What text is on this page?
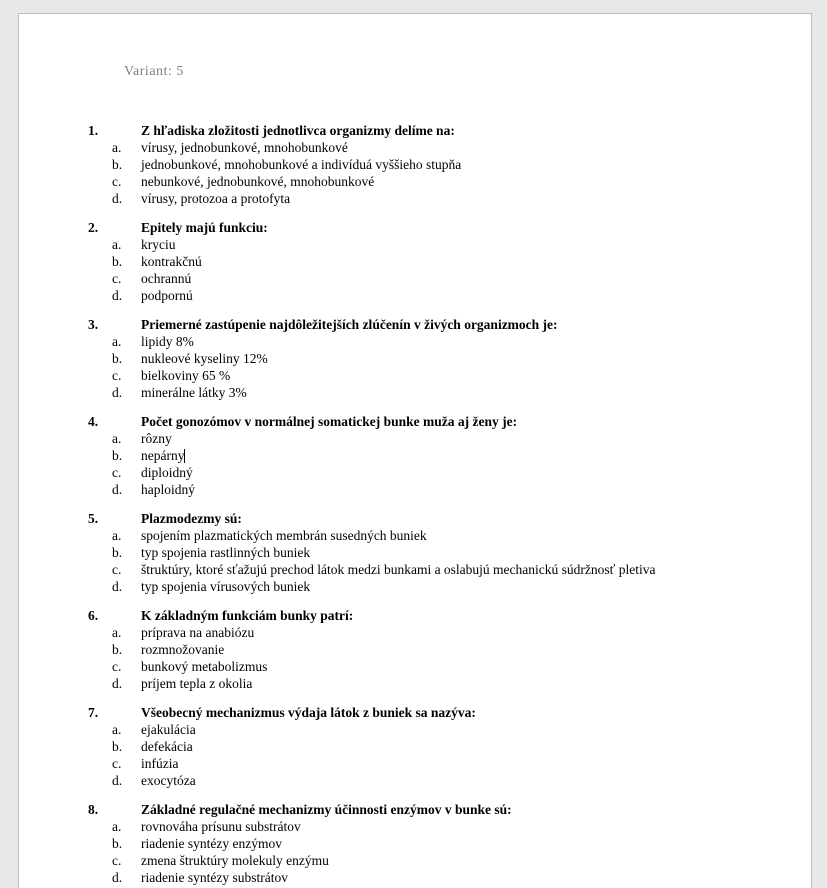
Variant: 5
1.	Z hľadiska zložitosti jednotlivca organizmy delíme na:
a.	vírusy, jednobunkové, mnohobunkové
b.	jednobunkové, mnohobunkové a indivíduá vyššieho stupňa
c.	nebunkové, jednobunkové, mnohobunkové
d.	vírusy, protozoa a protofyta
2.	Epitely majú funkciu:
a.	kryciu
b.	kontrakčnú
c.	ochrannú
d.	podpornú
3.	Priemerné zastúpenie najdôležitejších zlúčenín v živých organizmoch je:
a.	lipidy 8%
b.	nukleové kyseliny 12%
c.	bielkoviny 65 %
d.	minerálne látky 3%
4.	Počet gonozómov v normálnej somatickej bunke muža aj ženy je:
a.	rôzny
b.	nepárny
c.	diploidný
d.	haploidný
5.	Plazmodezmy sú:
a.	spojením plazmatických membrán susedných buniek
b.	typ spojenia rastlinných buniek
c.	štruktúry, ktoré sťažujú prechod látok medzi bunkami a oslabujú mechanickú súdržnosť pletiva
d.	typ spojenia vírusových buniek
6.	K základným funkciám bunky patrí:
a.	príprava na anabiózu
b.	rozmnožovanie
c.	bunkový metabolizmus
d.	príjem tepla z okolia
7.	Všeobecný mechanizmus výdaja látok z buniek sa nazýva:
a.	ejakulácia
b.	defekácia
c.	infúzia
d.	exocytóza
8.	Základné regulačné mechanizmy účinnosti enzýmov v bunke sú:
a.	rovnováha prísunu substrátov
b.	riadenie syntézy enzýmov
c.	zmena štruktúry molekuly enzýmu
d.	riadenie syntézy substrátov
